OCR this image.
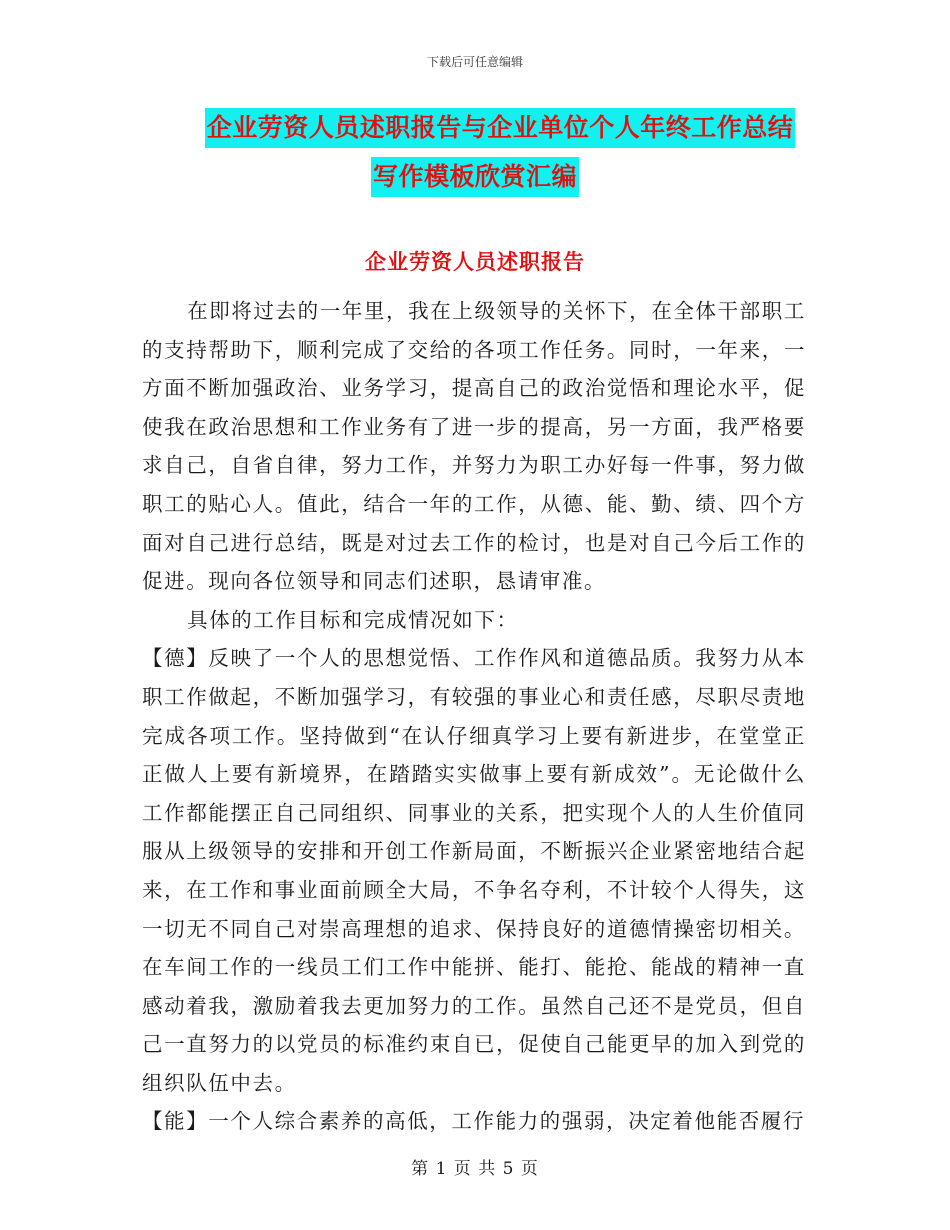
下载后可任意编辑
企业劳资人员述职报告与企业单位个人年终工作总结
写作模板欣赏汇编
企业劳资人员述职报告

在即将过去的一年里，我在上级领导的关怀下，在全体干部职工的支持帮助下，顺利完成了交给的各项工作任务。同时，一年来，一方面不断加强政治、业务学习，提高自己的政治觉悟和理论水平，促使我在政治思想和工作业务有了进一步的提高，另一方面，我严格要求自己，自省自律，努力工作，并努力为职工办好每一件事，努力做职工的贴心人。值此，结合一年的工作，从德、能、勤、绩、四个方面对自己进行总结，既是对过去工作的检讨，也是对自己今后工作的促进。现向各位领导和同志们述职，恳请审准。

具体的工作目标和完成情况如下：

【德】反映了一个人的思想觉悟、工作作风和道德品质。我努力从本职工作做起，不断加强学习，有较强的事业心和责任感，尽职尽责地完成各项工作。坚持做到“在认仔细真学习上要有新进步，在堂堂正正做人上要有新境界，在踏踏实实做事上要有新成效”。无论做什么工作都能摆正自己同组织、同事业的关系，把实现个人的人生价值同服从上级领导的安排和开创工作新局面，不断振兴企业紧密地结合起来，在工作和事业面前顾全大局，不争名夺利，不计较个人得失，这一切无不同自己对崇高理想的追求、保持良好的道德情操密切相关。在车间工作的一线员工们工作中能拼、能打、能抢、能战的精神一直感动着我，激励着我去更加努力的工作。虽然自己还不是党员，但自己一直努力的以党员的标准约束自已，促使自己能更早的加入到党的组织队伍中去。

【能】一个人综合素养的高低，工作能力的强弱，决定着他能否履行

第 1 页 共 5 页
